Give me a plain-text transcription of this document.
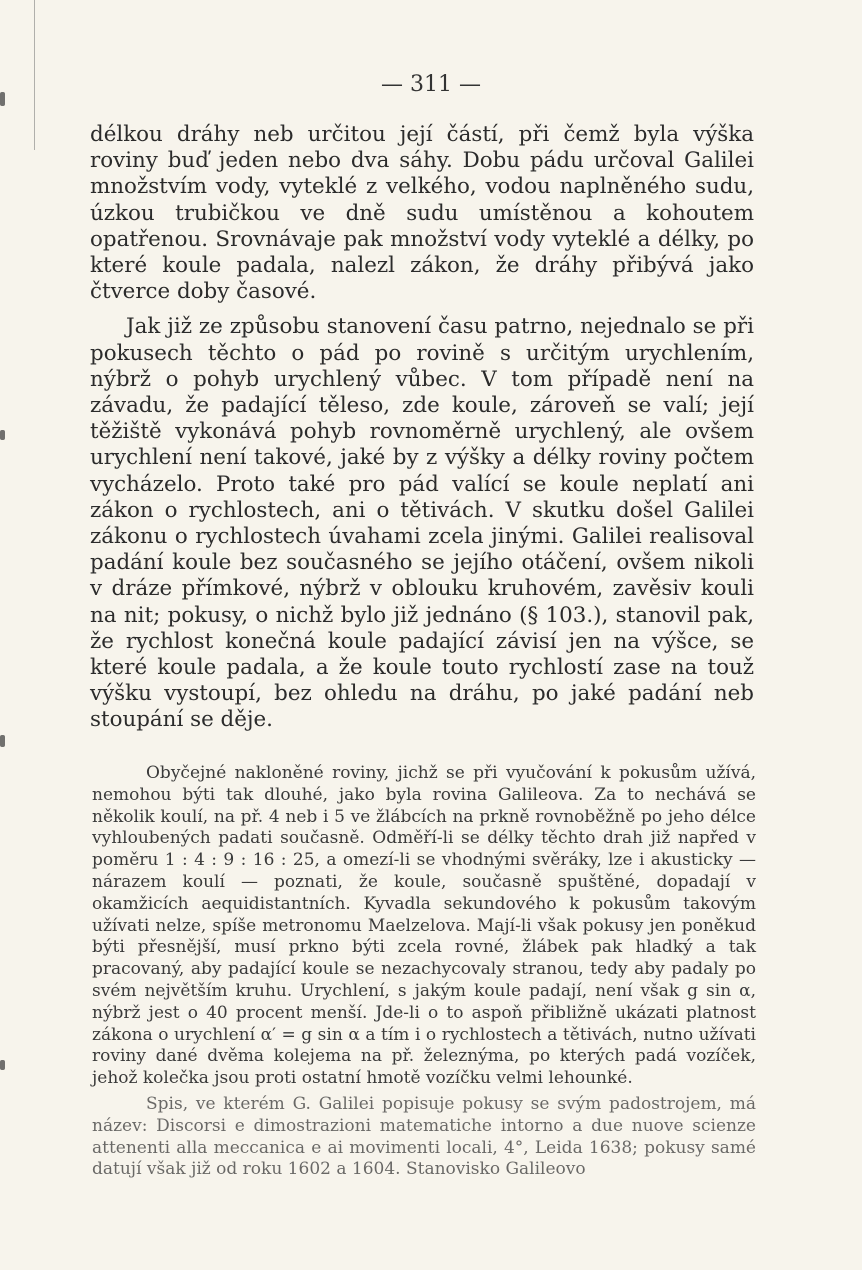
— 311 —

délkou dráhy neb určitou její částí, při čemž byla výška roviny buď jeden nebo dva sáhy. Dobu pádu určoval Galilei množstvím vody, vyteklé z velkého, vodou naplněného sudu, úzkou trubičkou ve dně sudu umístěnou a kohoutem opatřenou. Srovnávaje pak množství vody vyteklé a délky, po které koule padala, nalezl zákon, že dráhy přibývá jako čtverce doby časové.

Jak již ze způsobu stanovení času patrno, nejednalo se při pokusech těchto o pád po rovině s určitým urychlením, nýbrž o pohyb urychlený vůbec. V tom případě není na závadu, že padající těleso, zde koule, zároveň se valí; její těžiště vykonává pohyb rovnoměrně urychlený, ale ovšem urychlení není takové, jaké by z výšky a délky roviny počtem vycházelo. Proto také pro pád valící se koule neplatí ani zákon o rychlostech, ani o tětivách. V skutku došel Galilei zákonu o rychlostech úvahami zcela jinými. Galilei realisoval padání koule bez současného se jejího otáčení, ovšem nikoli v dráze přímkové, nýbrž v oblouku kruhovém, zavěsiv kouli na nit; pokusy, o nichž bylo již jednáno (§ 103.), stanovil pak, že rychlost konečná koule padající závisí jen na výšce, se které koule padala, a že koule touto rychlostí zase na touž výšku vystoupí, bez ohledu na dráhu, po jaké padání neb stoupání se děje.

Obyčejné nakloněné roviny, jichž se při vyučování k pokusům užívá, nemohou býti tak dlouhé, jako byla rovina Galileova. Za to nechává se několik koulí, na př. 4 neb i 5 ve žlábcích na prkně rovnoběžně po jeho délce vyhloubených padati současně. Odměří-li se délky těchto drah již napřed v poměru 1 : 4 : 9 : 16 : 25, a omezí-li se vhodnými svěráky, lze i akusticky — nárazem koulí — poznati, že koule, současně spuštěné, dopadají v okamžicích aequidistantních. Kyvadla sekundového k pokusům takovým užívati nelze, spíše metronomu Maelzelova. Mají-li však pokusy jen poněkud býti přesnější, musí prkno býti zcela rovné, žlábek pak hladký a tak pracovaný, aby padající koule se nezachycovaly stranou, tedy aby padaly po svém největším kruhu. Urychlení, s jakým koule padají, není však g sin α, nýbrž jest o 40 procent menší. Jde-li o to aspoň přibližně ukázati platnost zákona o urychlení α′ = g sin α a tím i o rychlostech a tětivách, nutno užívati roviny dané dvěma kolejema na př. železnýma, po kterých padá vozíček, jehož kolečka jsou proti ostatní hmotě vozíčku velmi lehounké.

Spis, ve kterém G. Galilei popisuje pokusy se svým padostrojem, má název: Discorsi e dimostrazioni matematiche intorno a due nuove scienze attenenti alla meccanica e ai movimenti locali, 4°, Leida 1638; pokusy samé datují však již od roku 1602 a 1604. Stanovisko Galileovo
